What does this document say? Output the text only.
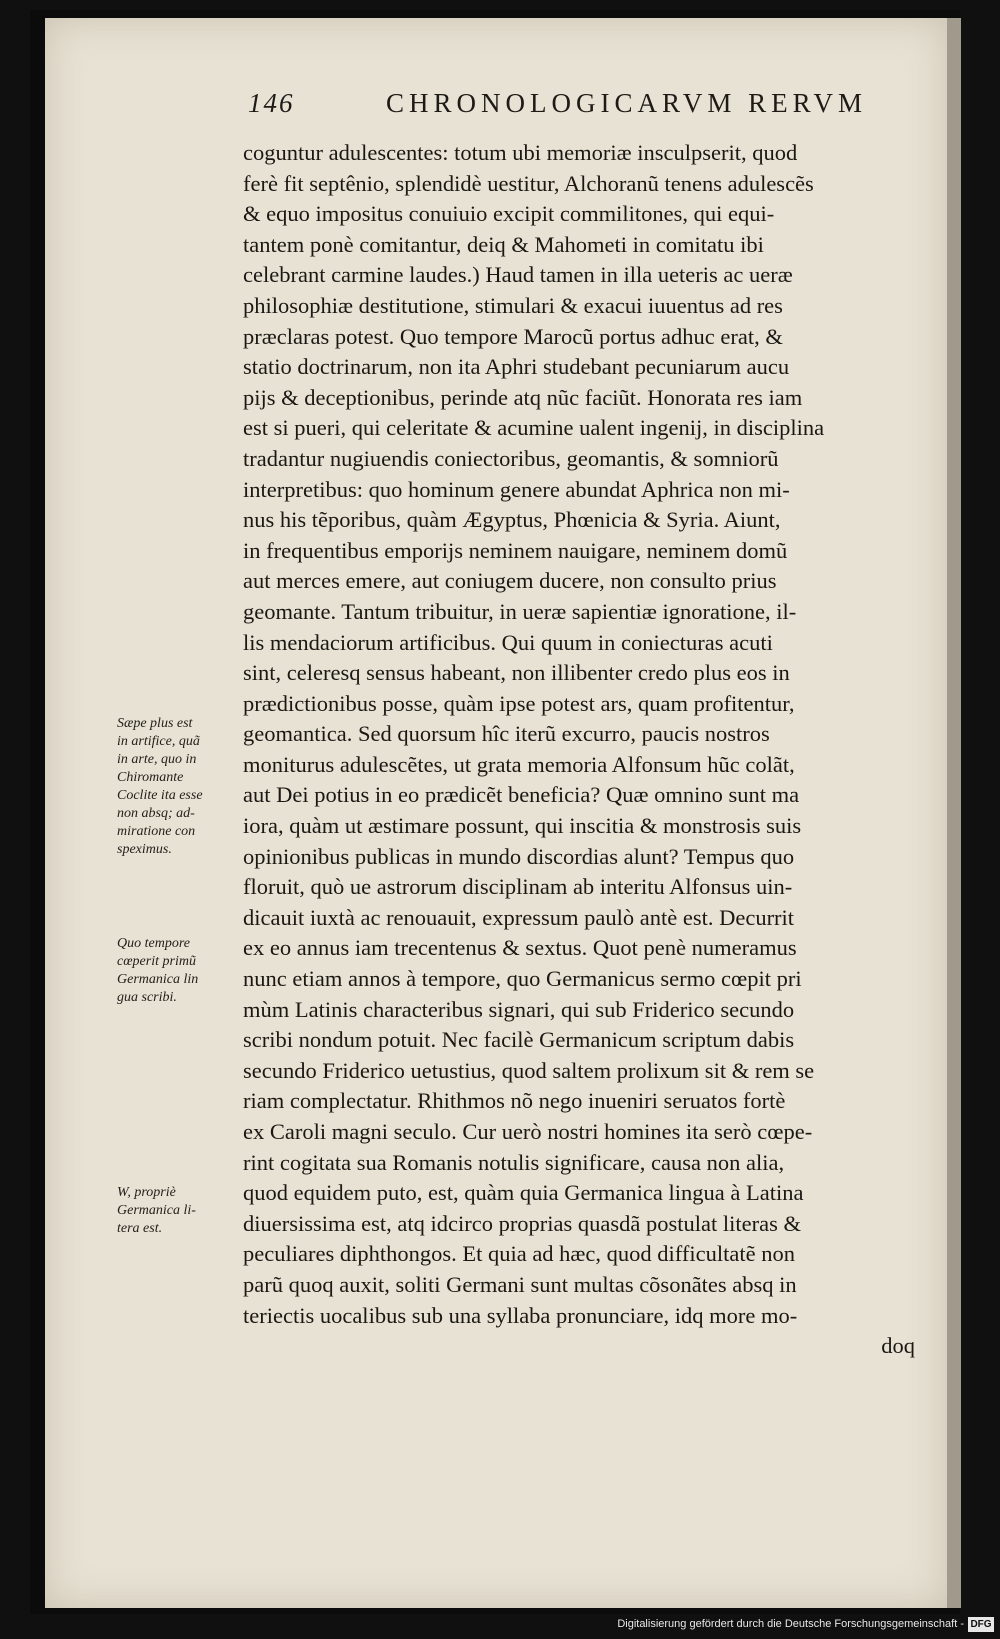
146	CHRONOLOGICARVM RERVM
coguntur adulescentes: totum ubi memoriæ insculpserit, quod
ferè fit septênio, splendidè uestitur, Alchoranũ tenens adulescẽs
& equo impositus conuiuio excipit commilitones, qui equi-
tantem ponè comitantur, deiq & Mahometi in comitatu ibi
celebrant carmine laudes.) Haud tamen in illa ueteris ac ueræ
philosophiæ destitutione, stimulari & exacui iuuentus ad res
præclaras potest. Quo tempore Marocũ portus adhuc erat, &
statio doctrinarum, non ita Aphri studebant pecuniarum aucu
pijs & deceptionibus, perinde atq nũc faciũt. Honorata res iam
est si pueri, qui celeritate & acumine ualent ingenij, in disciplina
tradantur nugiuendis coniectoribus, geomantis, & somniorũ
interpretibus: quo hominum genere abundat Aphrica non mi-
nus his tẽporibus, quàm Ægyptus, Phœnicia & Syria. Aiunt,
in frequentibus emporijs neminem nauigare, neminem domũ
aut merces emere, aut coniugem ducere, non consulto prius
geomante. Tantum tribuitur, in ueræ sapientiæ ignoratione, il-
lis mendaciorum artificibus. Qui quum in coniecturas acuti
sint, celeresq sensus habeant, non illibenter credo plus eos in
prædictionibus posse, quàm ipse potest ars, quam profitentur,
geomantica. Sed quorsum hîc iterũ excurro, paucis nostros
moniturus adulescẽtes, ut grata memoria Alfonsum hũc colãt,
aut Dei potius in eo prædicẽt beneficia? Quæ omnino sunt ma
iora, quàm ut æstimare possunt, qui inscitia & monstrosis suis
opinionibus publicas in mundo discordias alunt? Tempus quo
floruit, quò ue astrorum disciplinam ab interitu Alfonsus uin-
dicauit iuxtà ac renouauit, expressum paulò antè est. Decurrit
ex eo annus iam trecentenus & sextus. Quot penè numeramus
nunc etiam annos à tempore, quo Germanicus sermo cœpit pri
mùm Latinis characteribus signari, qui sub Friderico secundo
scribi nondum potuit. Nec facilè Germanicum scriptum dabis
secundo Friderico uetustius, quod saltem prolixum sit & rem se
riam complectatur. Rhithmos nõ nego inueniri seruatos fortè
ex Caroli magni seculo. Cur uerò nostri homines ita serò cœpe-
rint cogitata sua Romanis notulis significare, causa non alia,
quod equidem puto, est, quàm quia Germanica lingua à Latina
diuersissima est, atq idcirco proprias quasdã postulat literas &
peculiares diphthongos. Et quia ad hæc, quod difficultatẽ non
parũ quoq auxit, soliti Germani sunt multas cõsonãtes absq in
teriectis uocalibus sub una syllaba pronunciare, idq more mo-
doq
Sæpe plus est
in artifice, quã
in arte, quo in
Chiromante
Coclite ita esse
non absq; ad-
miratione con
speximus.
Quo tempore
cœperit primũ
Germanica lin
gua scribi.
W, propriè
Germanica li-
tera est.
Digitalisierung gefördert durch die Deutsche Forschungsgemeinschaft - DFG
